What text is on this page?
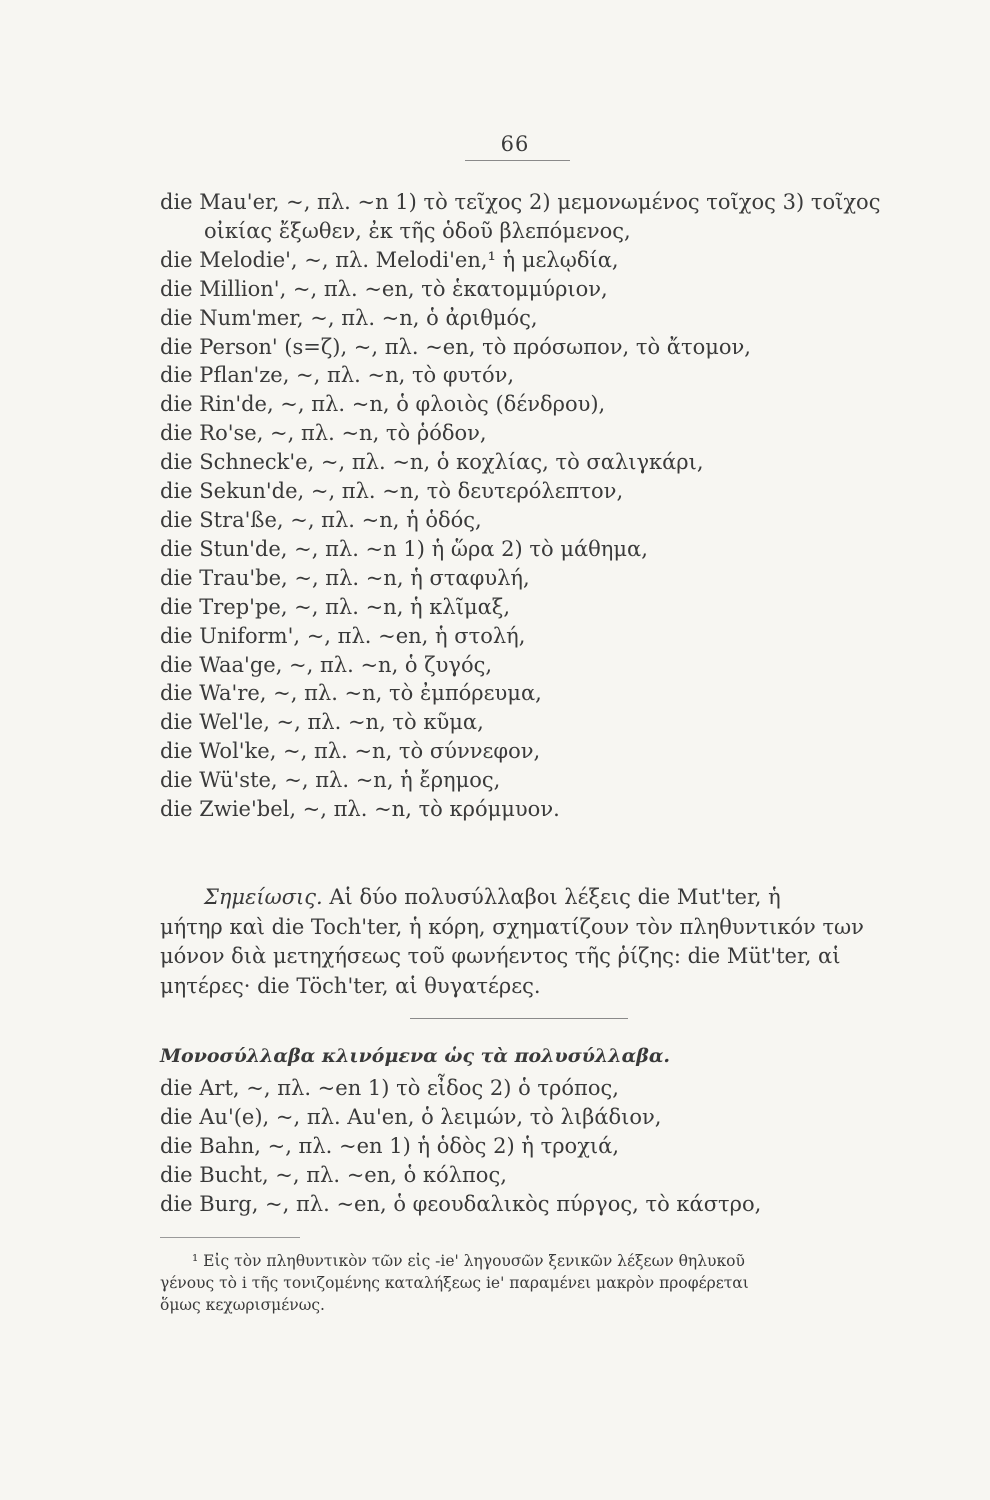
66
die Mau'er, ~, πλ. ~n 1) τὸ τεῖχος 2) μεμονωμένος τοῖχος 3) τοῖχος
οἰκίας ἔξωθεν, ἐκ τῆς ὁδοῦ βλεπόμενος,
die Melodie', ~, πλ. Melodi'en,¹ ἡ μελῳδία,
die Million', ~, πλ. ~en, τὸ ἑκατομμύριον,
die Num'mer, ~, πλ. ~n, ὁ ἀριθμός,
die Person' (s=ζ), ~, πλ. ~en, τὸ πρόσωπον, τὸ ἄτομον,
die Pflan'ze, ~, πλ. ~n, τὸ φυτόν,
die Rin'de, ~, πλ. ~n, ὁ φλοιὸς (δένδρου),
die Ro'se, ~, πλ. ~n, τὸ ῥόδον,
die Schneck'e, ~, πλ. ~n, ὁ κοχλίας, τὸ σαλιγκάρι,
die Sekun'de, ~, πλ. ~n, τὸ δευτερόλεπτον,
die Stra'ße, ~, πλ. ~n, ἡ ὁδός,
die Stun'de, ~, πλ. ~n 1) ἡ ὥρα 2) τὸ μάθημα,
die Trau'be, ~, πλ. ~n, ἡ σταφυλή,
die Trep'pe, ~, πλ. ~n, ἡ κλῖμαξ,
die Uniform', ~, πλ. ~en, ἡ στολή,
die Waa'ge, ~, πλ. ~n, ὁ ζυγός,
die Wa're, ~, πλ. ~n, τὸ ἐμπόρευμα,
die Wel'le, ~, πλ. ~n, τὸ κῦμα,
die Wol'ke, ~, πλ. ~n, τὸ σύννεφον,
die Wü'ste, ~, πλ. ~n, ἡ ἔρημος,
die Zwie'bel, ~, πλ. ~n, τὸ κρόμμυον.
Σημείωσις. Αἱ δύο πολυσύλλαβοι λέξεις die Mut'ter, ἡ
μήτηρ καὶ die Toch'ter, ἡ κόρη, σχηματίζουν τὸν πληθυντικόν των
μόνον διὰ μετηχήσεως τοῦ φωνήεντος τῆς ῥίζης: die Müt'ter, αἱ
μητέρες· die Töch'ter, αἱ θυγατέρες.
Μονοσύλλαβα κλινόμενα ὡς τὰ πολυσύλλαβα.
die Art, ~, πλ. ~en 1) τὸ εἶδος 2) ὁ τρόπος,
die Au'(e), ~, πλ. Au'en, ὁ λειμών, τὸ λιβάδιον,
die Bahn, ~, πλ. ~en 1) ἡ ὁδὸς 2) ἡ τροχιά,
die Bucht, ~, πλ. ~en, ὁ κόλπος,
die Burg, ~, πλ. ~en, ὁ φεουδαλικὸς πύργος, τὸ κάστρο,
¹ Εἰς τὸν πληθυντικὸν τῶν εἰς -ie' ληγουσῶν ξενικῶν λέξεων θηλυκοῦ
γένους τὸ i τῆς τονιζομένης καταλήξεως ie' παραμένει μακρὸν προφέρεται
ὅμως κεχωρισμένως.
